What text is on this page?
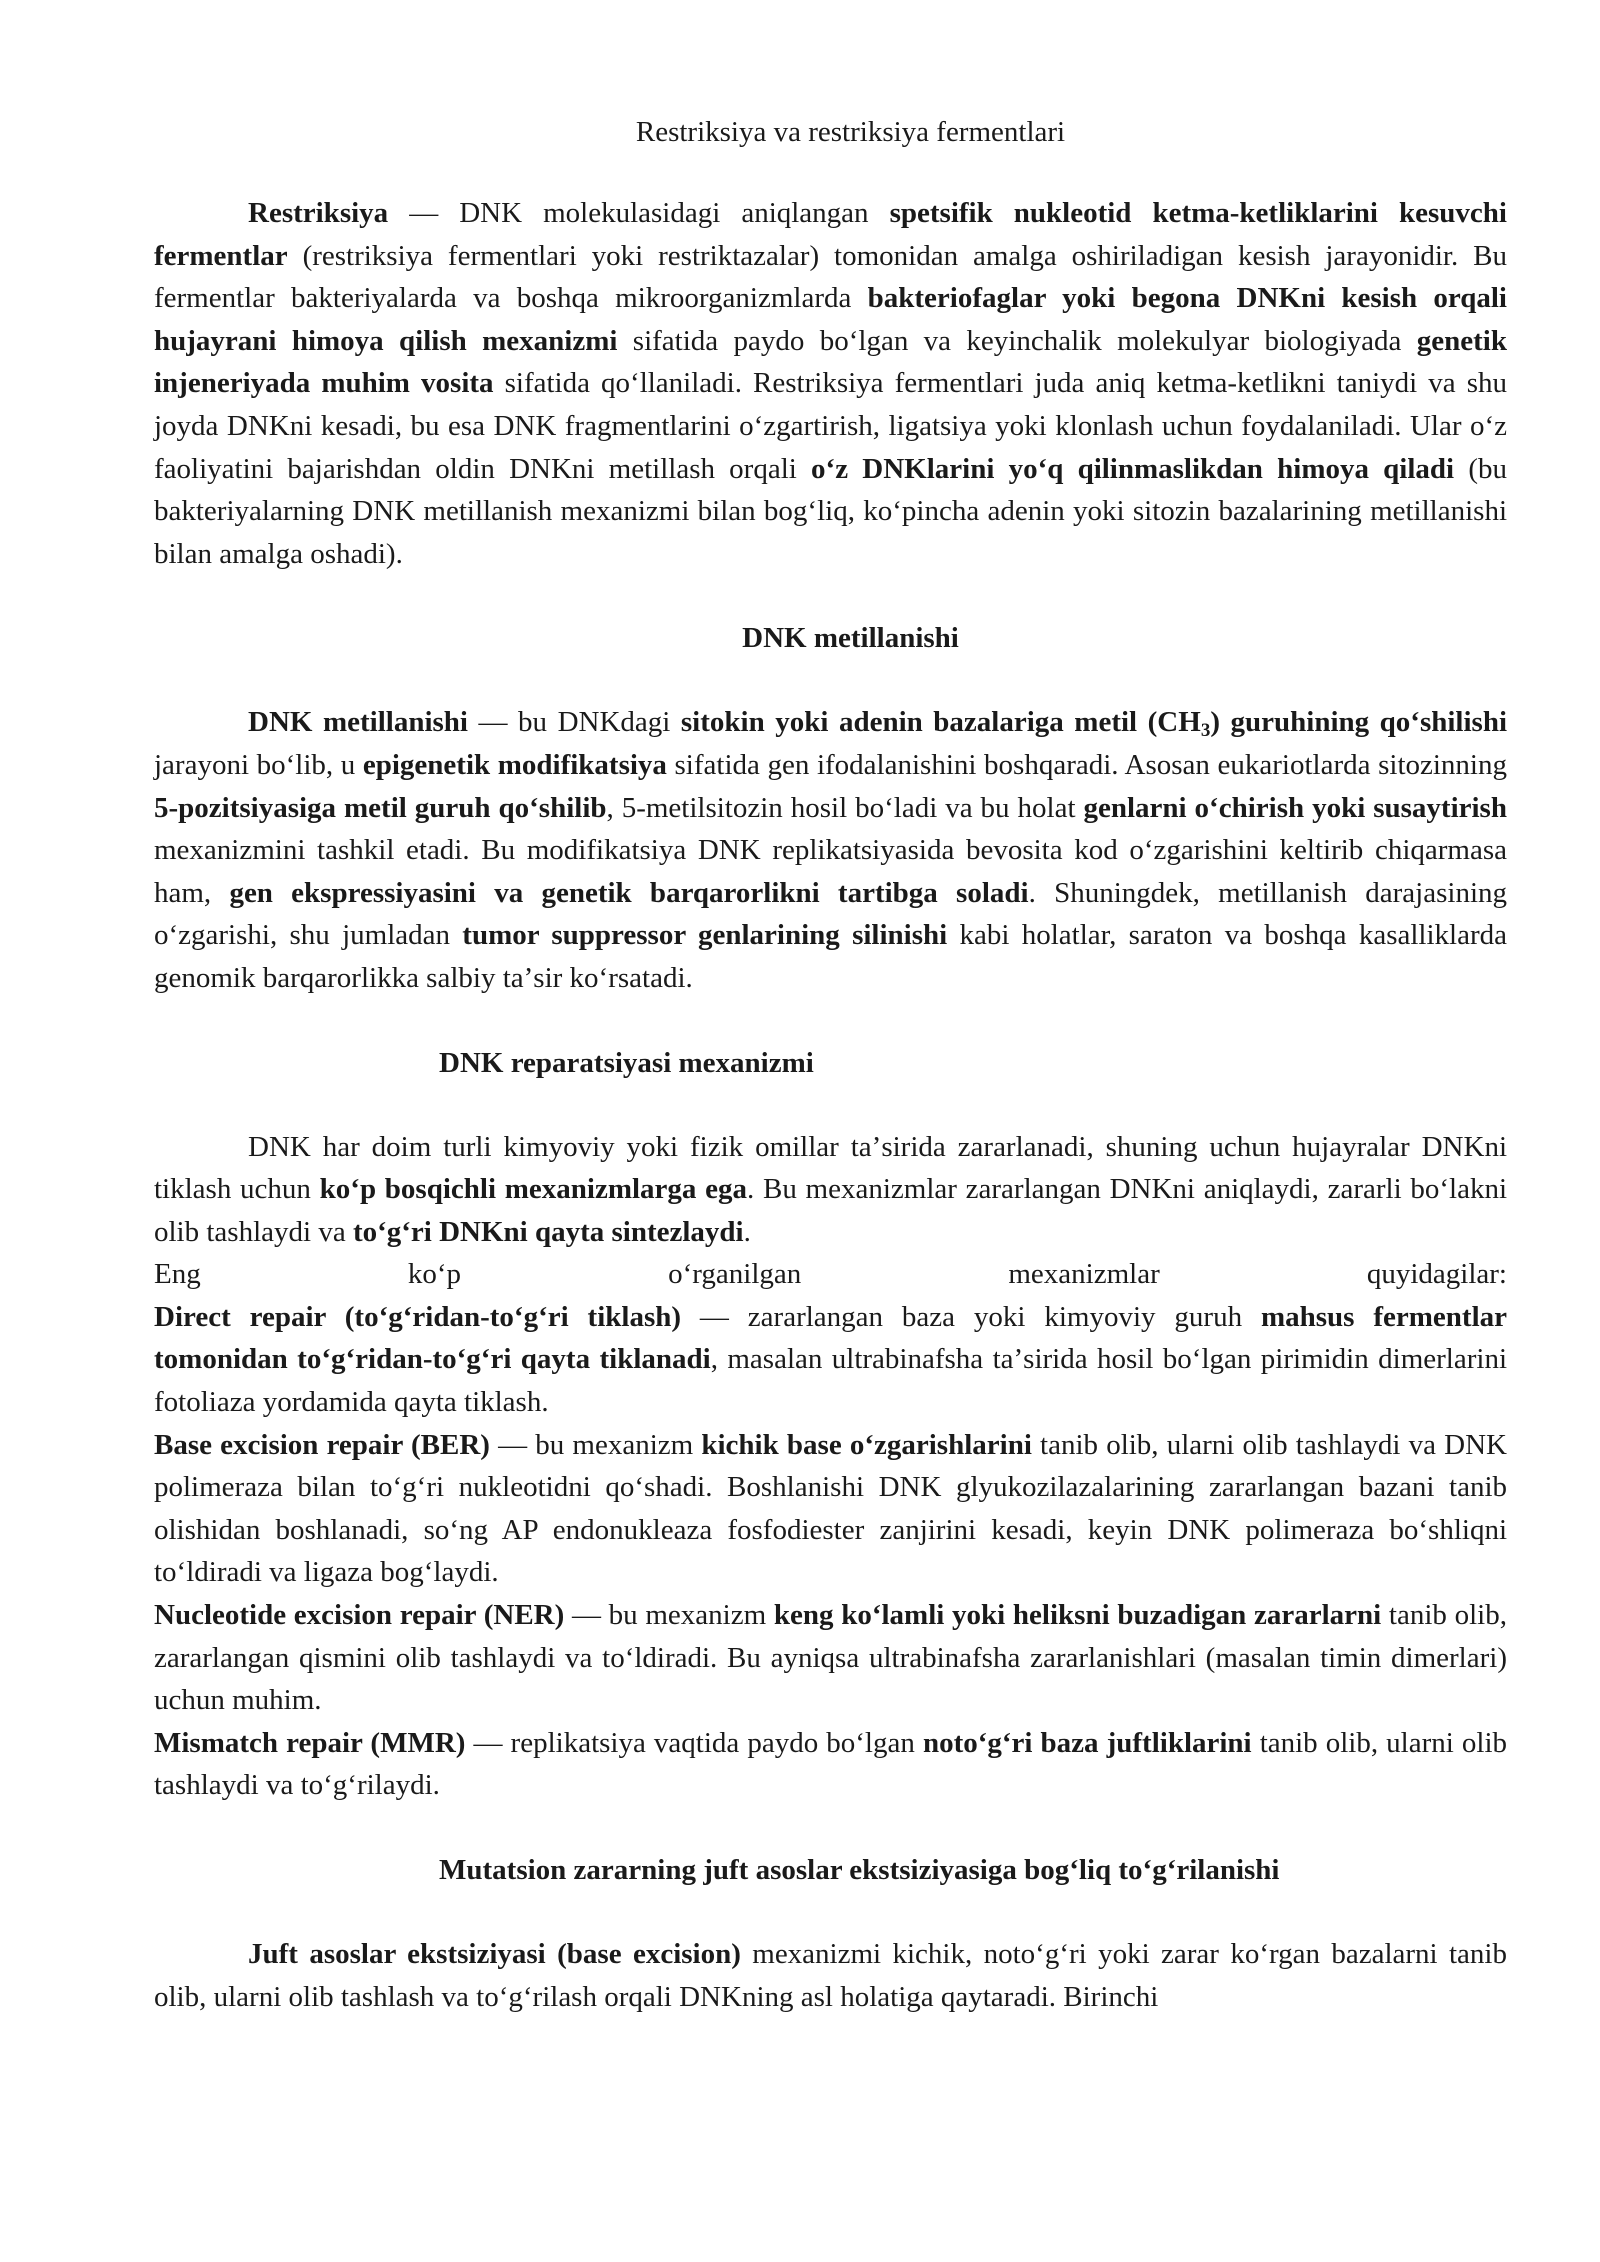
Restriksiya va restriksiya fermentlari

Restriksiya — DNK molekulasidagi aniqlangan spetsifik nukleotid ketma-ketliklarini kesuvchi fermentlar (restriksiya fermentlari yoki restriktazalar) tomonidan amalga oshiriladigan kesish jarayonidir. Bu fermentlar bakteriyalarda va boshqa mikroorganizmlarda bakteriofaglar yoki begona DNKni kesish orqali hujayrani himoya qilish mexanizmi sifatida paydo boʻlgan va keyinchalik molekulyar biologiyada genetik injeneriyada muhim vosita sifatida qoʻllaniladi. Restriksiya fermentlari juda aniq ketma-ketlikni taniydi va shu joyda DNKni kesadi, bu esa DNK fragmentlarini oʻzgartirish, ligatsiya yoki klonlash uchun foydalaniladi. Ular oʻz faoliyatini bajarishdan oldin DNKni metillash orqali oʻz DNKlarini yoʻq qilinmaslikdan himoya qiladi (bu bakteriyalarning DNK metillanish mexanizmi bilan bogʻliq, koʻpincha adenin yoki sitozin bazalarining metillanishi bilan amalga oshadi).

DNK metillanishi

DNK metillanishi — bu DNKdagi sitokin yoki adenin bazalariga metil $(CH_3)$ guruhining qoʻshilishi jarayoni boʻlib, u epigenetik modifikatsiya sifatida gen ifodalanishini boshqaradi. Asosan eukariotlarda sitozinning 5-pozitsiyasiga metil guruh qoʻshilib, 5-metilsitozin hosil boʻladi va bu holat genlarni oʻchirish yoki susaytirish mexanizmini tashkil etadi. Bu modifikatsiya DNK replikatsiyasida bevosita kod oʻzgarishini keltirib chiqarmasa ham, gen ekspressiyasini va genetik barqarorlikni tartibga soladi. Shuningdek, metillanish darajasining oʻzgarishi, shu jumladan tumor suppressor genlarining silinishi kabi holatlar, saraton va boshqa kasalliklarda genomik barqarorlikka salbiy taʼsir koʻrsatadi.

DNK reparatsiyasi mexanizmi

DNK har doim turli kimyoviy yoki fizik omillar taʼsirida zararlanadi, shuning uchun hujayralar DNKni tiklash uchun koʻp bosqichli mexanizmlarga ega. Bu mexanizmlar zararlangan DNKni aniqlaydi, zararli boʻlakni olib tashlaydi va toʻgʻri DNKni qayta sintezlaydi.

Eng koʻp oʻrganilgan mexanizmlar quyidagilar:

Direct repair (toʻgʻridan-toʻgʻri tiklash) — zararlangan baza yoki kimyoviy guruh mahsus fermentlar tomonidan toʻgʻridan-toʻgʻri qayta tiklanadi, masalan ultrabinafsha taʼsirida hosil boʻlgan pirimidin dimerlarini fotoliaza yordamida qayta tiklash.

Base excision repair (BER) — bu mexanizm kichik base oʻzgarishlarini tanib olib, ularni olib tashlaydi va DNK polimeraza bilan toʻgʻri nukleotidni qoʻshadi. Boshlanishi DNK glyukozilazalarining zararlangan bazani tanib olishidan boshlanadi, soʻng AP endonukleaza fosfodiester zanjirini kesadi, keyin DNK polimeraza boʻshliqni toʻldiradi va ligaza bogʻlaydi.

Nucleotide excision repair (NER) — bu mexanizm keng koʻlamli yoki heliksni buzadigan zararlarni tanib olib, zararlangan qismini olib tashlaydi va toʻldiradi. Bu ayniqsa ultrabinafsha zararlanishlari (masalan timin dimerlari) uchun muhim.

Mismatch repair (MMR) — replikatsiya vaqtida paydo boʻlgan notoʻgʻri baza juftliklarini tanib olib, ularni olib tashlaydi va toʻgʻrilaydi.

Mutatsion zararning juft asoslar ekstsiziyasiga bogʻliq toʻgʻrilanishi

Juft asoslar ekstsiziyasi (base excision) mexanizmi kichik, notoʻgʻri yoki zarar koʻrgan bazalarni tanib olib, ularni olib tashlash va toʻgʻrilash orqali DNKning asl holatiga qaytaradi. Birinchi
